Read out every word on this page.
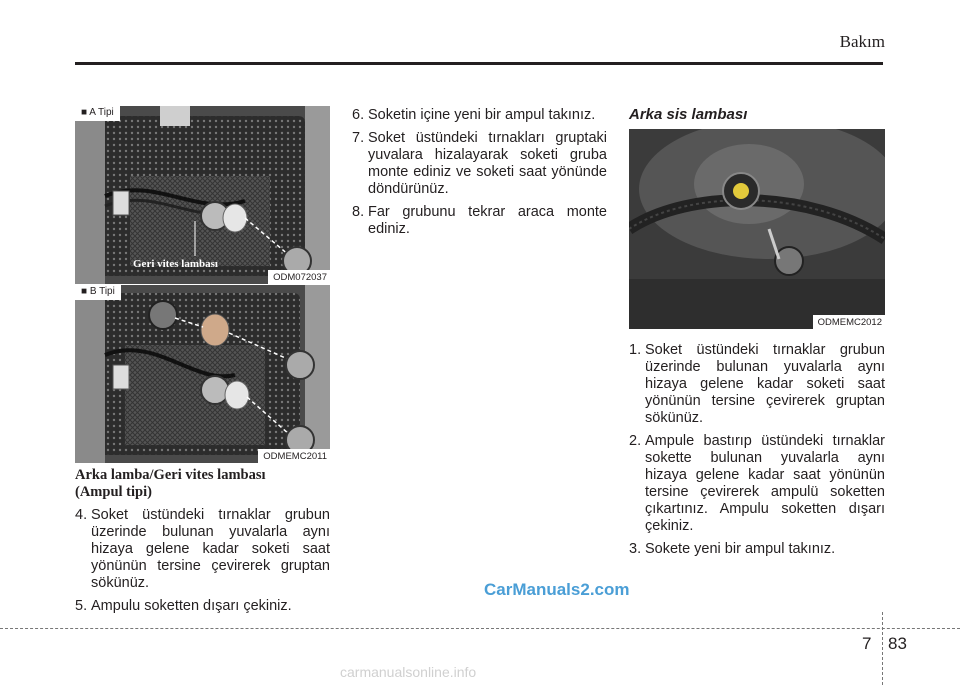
Bakım
■ A Tipi
Geri vites lambası
ODM072037
■ B Tipi
ODMEMC2011
Arka lamba/Geri vites lambası
(Ampul tipi)
4. Soket üstündeki tırnaklar grubun üzerinde bulunan yuvalarla aynı hizaya gelene kadar soketi saat yönünün tersine çevirerek gruptan sökünüz.
5. Ampulu soketten dışarı çekiniz.
6. Soketin içine yeni bir ampul takınız.
7. Soket üstündeki tırnakları gruptaki yuvalara hizalayarak soketi gruba monte ediniz ve soketi saat yönünde döndürünüz.
8. Far grubunu tekrar araca monte ediniz.
Arka sis lambası
ODMEMC2012
1. Soket üstündeki tırnaklar grubun üzerinde bulunan yuvalarla aynı hizaya gelene kadar soketi saat yönünün tersine çevirerek gruptan sökünüz.
2. Ampule bastırıp üstündeki tırnaklar sokette bulunan yuvalarla aynı hizaya gelene kadar saat yönünün tersine çevirerek ampulü soketten çıkartınız. Ampulu soketten dışarı çekiniz.
3. Sokete yeni bir ampul takınız.
CarManuals2.com
7 83
carmanualsonline.info
